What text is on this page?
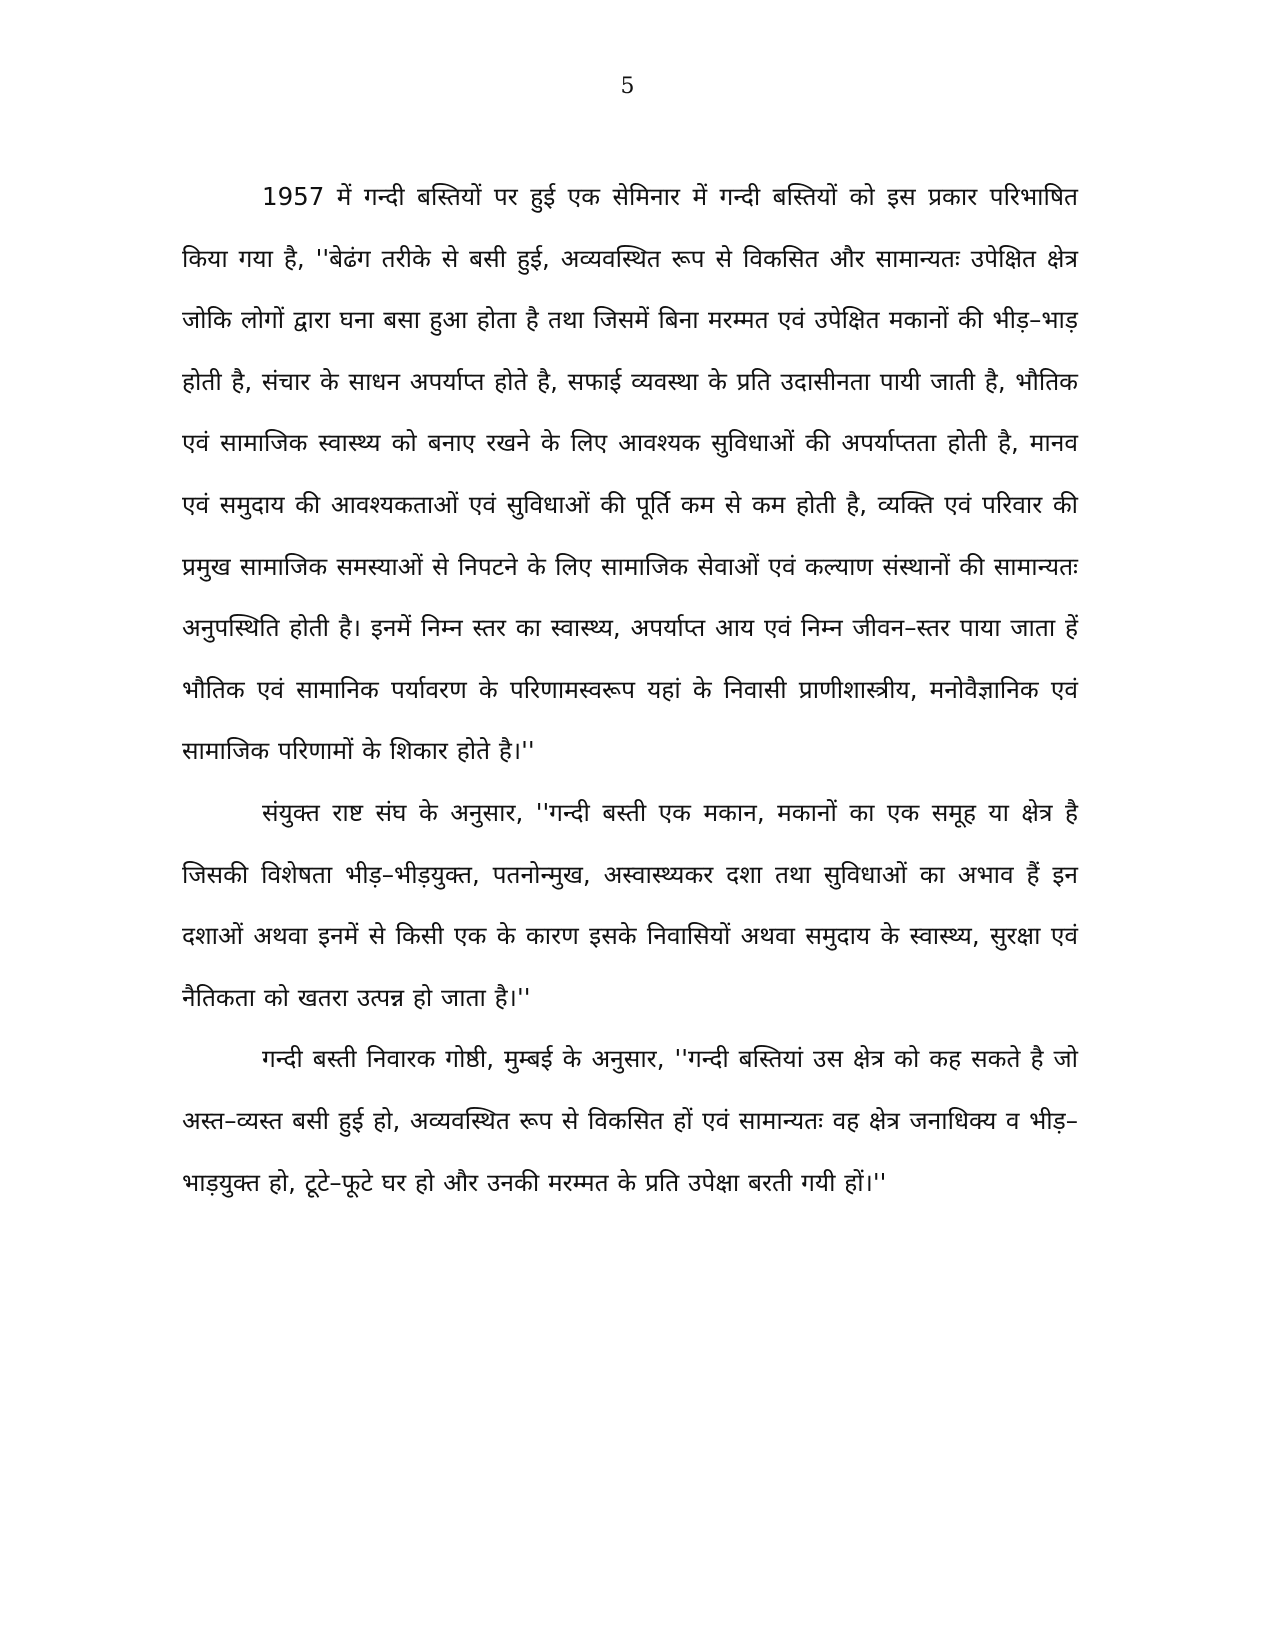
5

1957 में गन्दी बस्तियों पर हुई एक सेमिनार में गन्दी बस्तियों को इस प्रकार परिभाषित किया गया है, ''बेढंग तरीके से बसी हुई, अव्यवस्थित रूप से विकसित और सामान्यतः उपेक्षित क्षेत्र जोकि लोगों द्वारा घना बसा हुआ होता है तथा जिसमें बिना मरम्मत एवं उपेक्षित मकानों की भीड़–भाड़ होती है, संचार के साधन अपर्याप्त होते है, सफाई व्यवस्था के प्रति उदासीनता पायी जाती है, भौतिक एवं सामाजिक स्वास्थ्य को बनाए रखने के लिए आवश्यक सुविधाओं की अपर्याप्तता होती है, मानव एवं समुदाय की आवश्यकताओं एवं सुविधाओं की पूर्ति कम से कम होती है, व्यक्ति एवं परिवार की प्रमुख सामाजिक समस्याओं से निपटने के लिए सामाजिक सेवाओं एवं कल्याण संस्थानों की सामान्यतः अनुपस्थिति होती है। इनमें निम्न स्तर का स्वास्थ्य, अपर्याप्त आय एवं निम्न जीवन–स्तर पाया जाता हें भौतिक एवं सामानिक पर्यावरण के परिणामस्वरूप यहां के निवासी प्राणीशास्त्रीय, मनोवैज्ञानिक एवं सामाजिक परिणामों के शिकार होते है।''

संयुक्त राष्ट संघ के अनुसार, ''गन्दी बस्ती एक मकान, मकानों का एक समूह या क्षेत्र है जिसकी विशेषता भीड़–भीड़युक्त, पतनोन्मुख, अस्वास्थ्यकर दशा तथा सुविधाओं का अभाव हैं इन दशाओं अथवा इनमें से किसी एक के कारण इसके निवासियों अथवा समुदाय के स्वास्थ्य, सुरक्षा एवं नैतिकता को खतरा उत्पन्न हो जाता है।''

गन्दी बस्ती निवारक गोष्ठी, मुम्बई के अनुसार, ''गन्दी बस्तियां उस क्षेत्र को कह सकते है जो अस्त–व्यस्त बसी हुई हो, अव्यवस्थित रूप से विकसित हों एवं सामान्यतः वह क्षेत्र जनाधिक्य व भीड़–भाड़युक्त हो, टूटे–फूटे घर हो और उनकी मरम्मत के प्रति उपेक्षा बरती गयी हों।''
